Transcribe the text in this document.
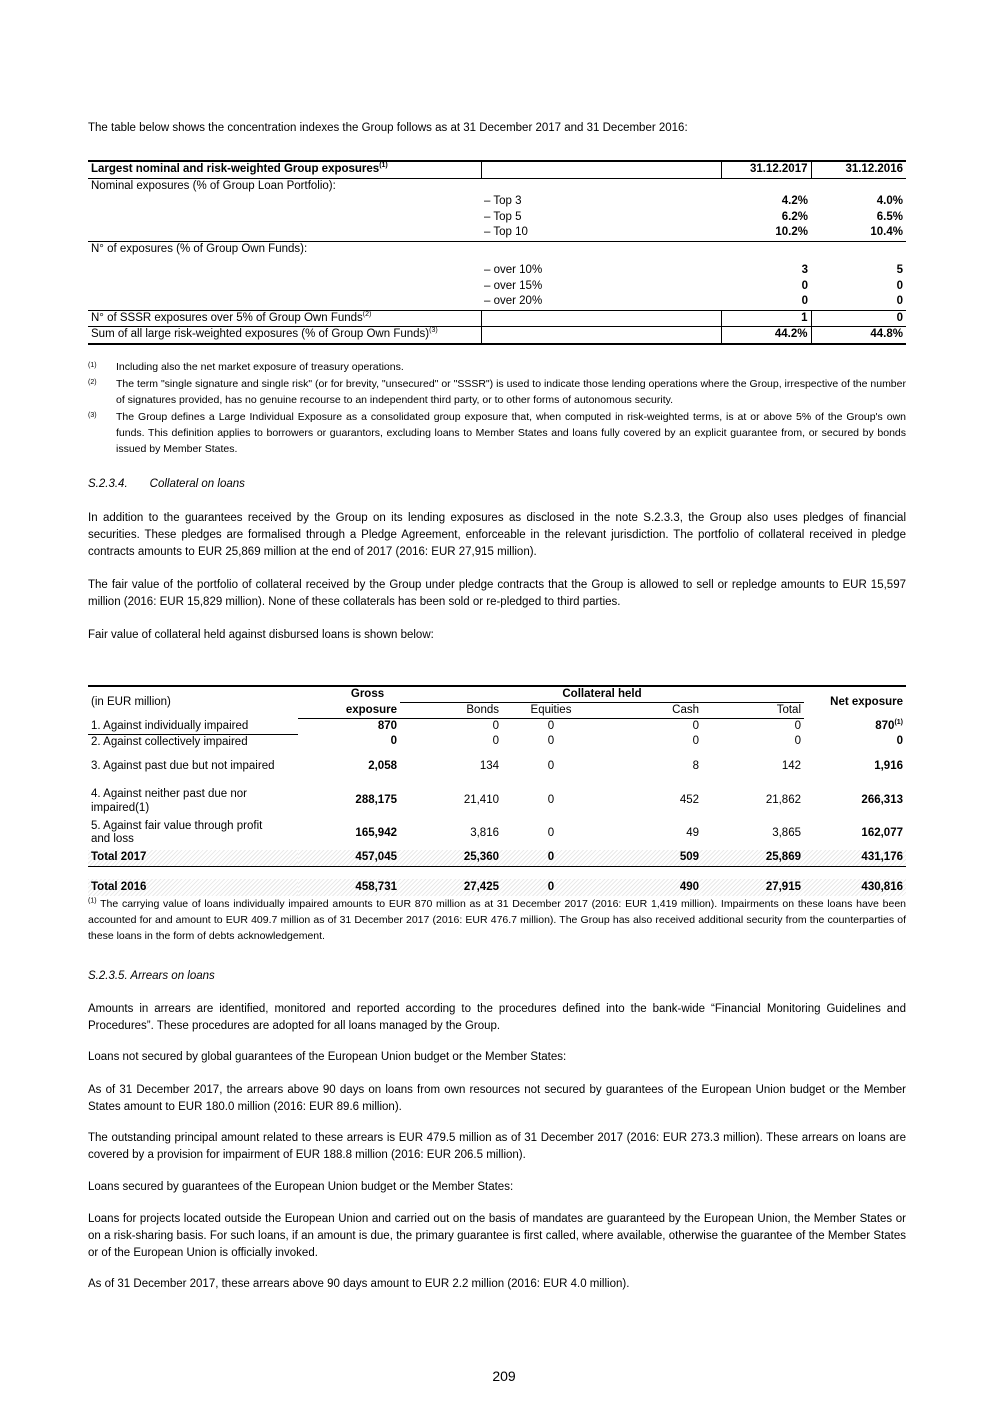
The table below shows the concentration indexes the Group follows as at 31 December 2017 and 31 December 2016:

Largest nominal and risk-weighted Group exposures$^{(1)}$		31.12.2017	31.12.2016
Nominal exposures (% of Group Loan Portfolio):			
	– Top 3	4.2%	4.0%
	– Top 5	6.2%	6.5%
	– Top 10	10.2%	10.4%
N° of exposures (% of Group Own Funds):			

	– over 10%	3	5
	– over 15%	0	0
	– over 20%	0	0
N° of SSSR exposures over 5% of Group Own Funds$^{(2)}$		1	0
Sum of all large risk-weighted exposures (% of Group Own Funds)$^{(3)}$		44.2%	44.8%
(1)	Including also the net market exposure of treasury operations.
(2)	The term "single signature and single risk" (or for brevity, "unsecured" or "SSSR") is used to indicate those lending operations where the Group, irrespective of the number of signatures provided, has no genuine recourse to an independent third party, or to other forms of autonomous security.
(3)	The Group defines a Large Individual Exposure as a consolidated group exposure that, when computed in risk-weighted terms, is at or above 5% of the Group's own funds. This definition applies to borrowers or guarantors, excluding loans to Member States and loans fully covered by an explicit guarantee from, or secured by bonds issued by Member States.

S.2.3.4. Collateral on loans

In addition to the guarantees received by the Group on its lending exposures as disclosed in the note S.2.3.3, the Group also uses pledges of financial securities. These pledges are formalised through a Pledge Agreement, enforceable in the relevant jurisdiction. The portfolio of collateral received in pledge contracts amounts to EUR 25,869 million at the end of 2017 (2016: EUR 27,915 million).

The fair value of the portfolio of collateral received by the Group under pledge contracts that the Group is allowed to sell or repledge amounts to EUR 15,597 million (2016: EUR 15,829 million). None of these collaterals has been sold or re-pledged to third parties.

Fair value of collateral held against disbursed loans is shown below:

(in EUR million)	Gross	Collateral held				Net exposure
	exposure	Bonds	Equities	Cash	Total	
1. Against individually impaired	870	0	0	0	0	870$^{(1)}$
2. Against collectively impaired	0	0	0	0	0	0
3. Against past due but not impaired	2,058	134	0	8	142	1,916
4. Against neither past due nor
impaired(1)	288,175	21,410	0	452	21,862	266,313
5. Against fair value through profit
and loss	165,942	3,816	0	49	3,865	162,077
Total 2017	457,045	25,360	0	509	25,869	431,176

Total 2016	458,731	27,425	0	490	27,915	430,816

$^{(1)}$ The carrying value of loans individually impaired amounts to EUR 870 million as at 31 December 2017 (2016: EUR 1,419 million). Impairments on these loans have been accounted for and amount to EUR 409.7 million as of 31 December 2017 (2016: EUR 476.7 million). The Group has also received additional security from the counterparties of these loans in the form of debts acknowledgement.

S.2.3.5. Arrears on loans

Amounts in arrears are identified, monitored and reported according to the procedures defined into the bank-wide “Financial Monitoring Guidelines and Procedures”. These procedures are adopted for all loans managed by the Group.

Loans not secured by global guarantees of the European Union budget or the Member States:

As of 31 December 2017, the arrears above 90 days on loans from own resources not secured by guarantees of the European Union budget or the Member States amount to EUR 180.0 million (2016: EUR 89.6 million).

The outstanding principal amount related to these arrears is EUR 479.5 million as of 31 December 2017 (2016: EUR 273.3 million). These arrears on loans are covered by a provision for impairment of EUR 188.8 million (2016: EUR 206.5 million).

Loans secured by guarantees of the European Union budget or the Member States:

Loans for projects located outside the European Union and carried out on the basis of mandates are guaranteed by the European Union, the Member States or on a risk-sharing basis. For such loans, if an amount is due, the primary guarantee is first called, where available, otherwise the guarantee of the Member States or of the European Union is officially invoked.

As of 31 December 2017, these arrears above 90 days amount to EUR 2.2 million (2016: EUR 4.0 million).

209
